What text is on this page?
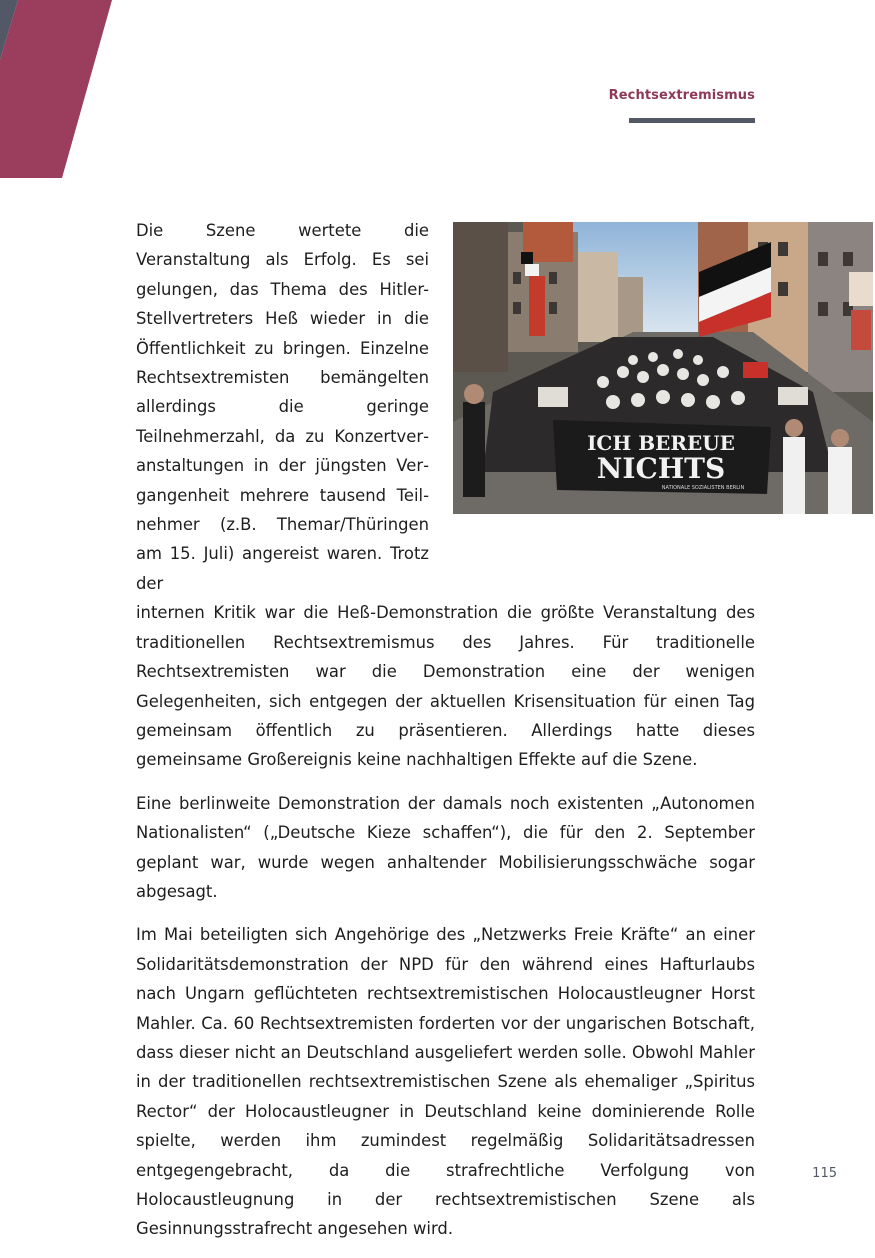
Rechtsextremismus
ICH BEREUE
NICHTS
NATIONALE SOZIALISTEN BERLIN

Die Szene wertete die Veranstaltung als Erfolg. Es sei gelungen, das Thema des Hitler-Stellvertreters Heß wieder in die Öffentlichkeit zu bringen. Einzelne Rechtsextremisten bemängelten allerdings die geringe Teilnehmerzahl, da zu Konzertveranstaltungen in der jüngsten Vergangenheit mehrere tausend Teilnehmer (z.B. Themar/Thüringen am 15. Juli) angereist waren. Trotz der

internen Kritik war die Heß-Demonstration die größte Veranstaltung des traditionellen Rechtsextremismus des Jahres. Für traditionelle Rechtsextremisten war die Demonstration eine der wenigen Gelegenheiten, sich entgegen der aktuellen Krisensituation für einen Tag gemeinsam öffentlich zu präsentieren. Allerdings hatte dieses gemeinsame Großereignis keine nachhaltigen Effekte auf die Szene.

Eine berlinweite Demonstration der damals noch existenten „Autonomen Nationalisten“ („Deutsche Kieze schaffen“), die für den 2. September geplant war, wurde wegen anhaltender Mobilisierungsschwäche sogar abgesagt.

Im Mai beteiligten sich Angehörige des „Netzwerks Freie Kräfte“ an einer Solidaritätsdemonstration der NPD für den während eines Hafturlaubs nach Ungarn geflüchteten rechtsextremistischen Holocaustleugner Horst Mahler. Ca. 60 Rechtsextremisten forderten vor der ungarischen Botschaft, dass dieser nicht an Deutschland ausgeliefert werden solle. Obwohl Mahler in der traditionellen rechtsextremistischen Szene als ehemaliger „Spiritus Rector“ der Holocaustleugner in Deutschland keine dominierende Rolle spielte, werden ihm zumindest regelmäßig Solidaritätsadressen entgegengebracht, da die strafrechtliche Verfolgung von Holocaustleugnung in der rechtsextremistischen Szene als Gesinnungsstrafrecht angesehen wird.

115
